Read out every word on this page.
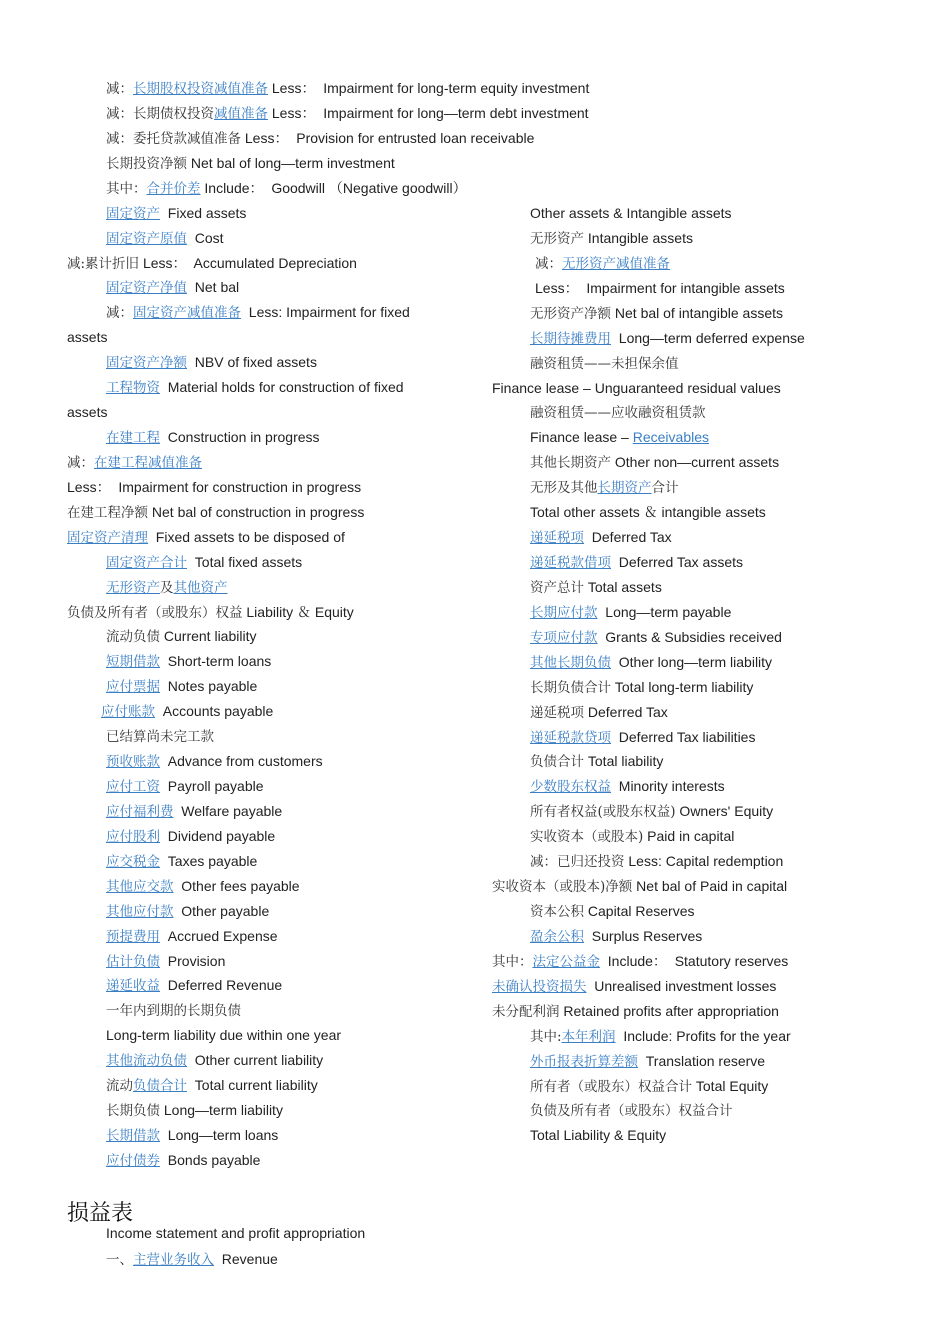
损益表
减：长期股权投资减值准备 Less：  Impairment for long-term equity investment
减：长期债权投资减值准备 Less：  Impairment for long—term debt investment
减：委托贷款减值准备 Less：  Provision for entrusted loan receivable
长期投资净额 Net bal of long—term investment
其中：合并价差 Include：  Goodwill （Negative goodwill）
固定资产  Fixed assets
固定资产原值  Cost
减:累计折旧 Less：  Accumulated Depreciation
固定资产净值  Net bal
减：固定资产减值准备  Less: Impairment for fixed
assets
固定资产净额  NBV of fixed assets
工程物资  Material holds for construction of fixed
assets
在建工程  Construction in progress
减：在建工程减值准备
Less：  Impairment for construction in progress
在建工程净额 Net bal of construction in progress
固定资产清理  Fixed assets to be disposed of
固定资产合计  Total fixed assets
无形资产及其他资产
负债及所有者（或股东）权益 Liability ＆ Equity
流动负债 Current liability
短期借款  Short-term loans
应付票据  Notes payable
应付账款  Accounts payable
已结算尚未完工款
预收账款  Advance from customers
应付工资  Payroll payable
应付福利费  Welfare payable
应付股利  Dividend payable
应交税金  Taxes payable
其他应交款  Other fees payable
其他应付款  Other payable
预提费用  Accrued Expense
估计负债  Provision
递延收益  Deferred Revenue
一年内到期的长期负债
Long-term liability due within one year
其他流动负债  Other current liability
流动负债合计  Total current liability
长期负债 Long—term liability
长期借款  Long—term loans
应付债券  Bonds payable
Other assets & Intangible assets
无形资产 Intangible assets
减：无形资产减值准备
Less：  Impairment for intangible assets
无形资产净额 Net bal of intangible assets
长期待摊费用  Long—term deferred expense
融资租赁——未担保余值
Finance lease – Unguaranteed residual values
融资租赁——应收融资租赁款
Finance lease – Receivables
其他长期资产 Other non—current assets
无形及其他长期资产合计
Total other assets ＆ intangible assets
递延税项  Deferred Tax
递延税款借项  Deferred Tax assets
资产总计 Total assets
长期应付款  Long—term payable
专项应付款  Grants & Subsidies received
其他长期负债  Other long—term liability
长期负债合计 Total long-term liability
递延税项 Deferred Tax
递延税款贷项  Deferred Tax liabilities
负债合计 Total liability
少数股东权益  Minority interests
所有者权益(或股东权益) Owners' Equity
实收资本（或股本) Paid in capital
减：已归还投资 Less: Capital redemption
实收资本（或股本)净额 Net bal of Paid in capital
资本公积 Capital Reserves
盈余公积  Surplus Reserves
其中：法定公益金  Include：  Statutory reserves
未确认投资损失  Unrealised investment losses
未分配利润 Retained profits after appropriation
其中:本年利润  Include: Profits for the year
外币报表折算差额  Translation reserve
所有者（或股东）权益合计 Total Equity
负债及所有者（或股东）权益合计
Total Liability & Equity
Income statement and profit appropriation
一、主营业务收入  Revenue
